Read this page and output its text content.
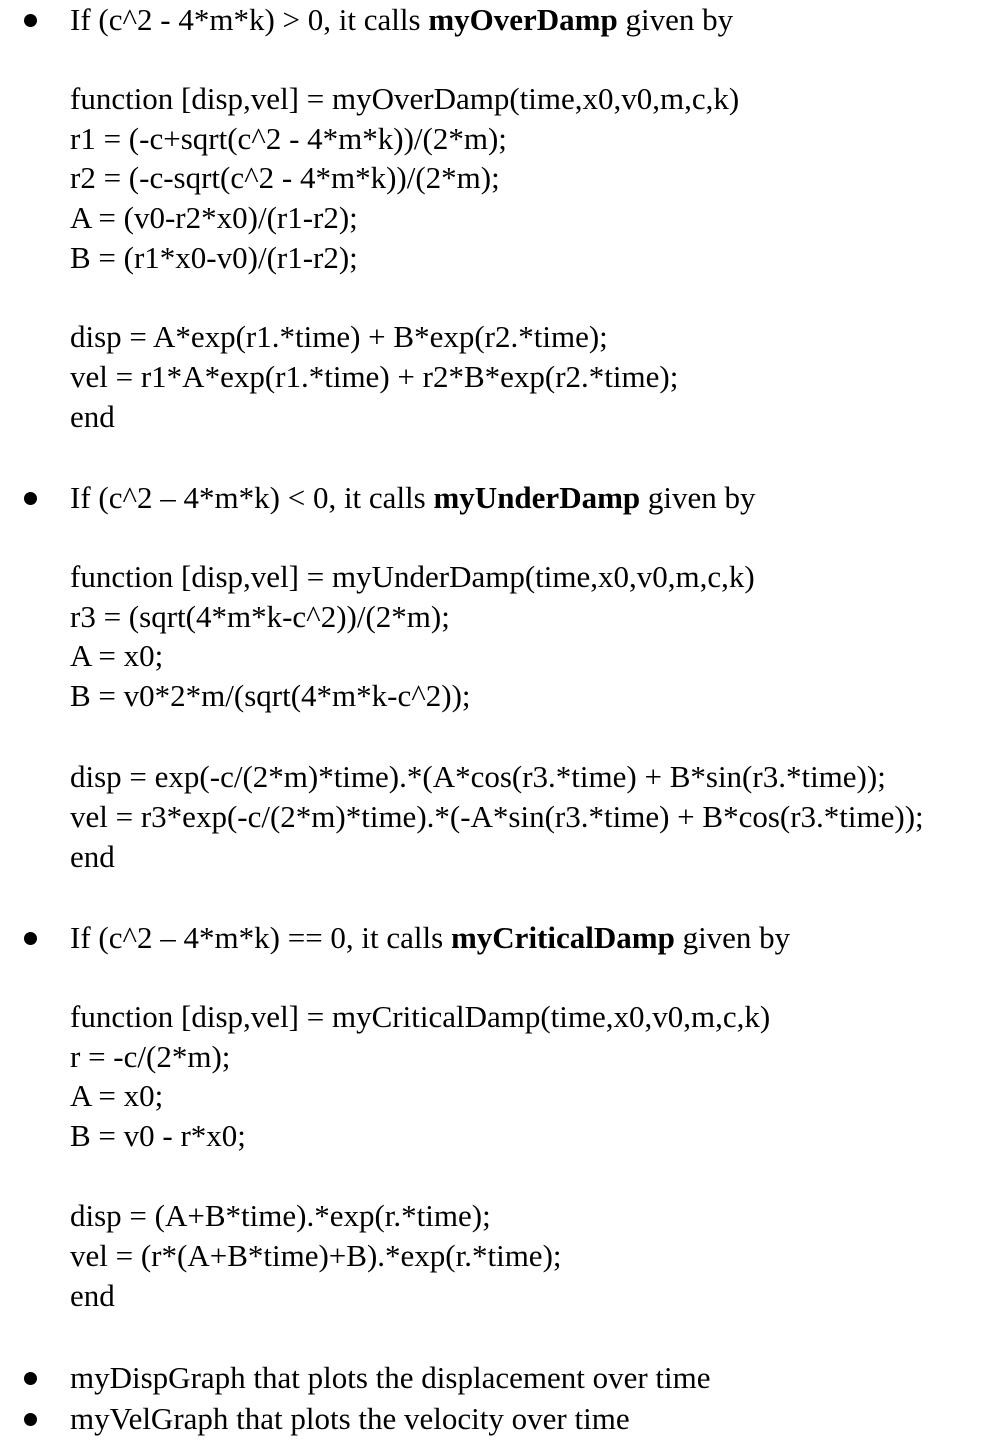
If (c^2 - 4*m*k) > 0, it calls myOverDamp given by
function [disp,vel] = myOverDamp(time,x0,v0,m,c,k)
r1 = (-c+sqrt(c^2 - 4*m*k))/(2*m);
r2 = (-c-sqrt(c^2 - 4*m*k))/(2*m);
A = (v0-r2*x0)/(r1-r2);
B = (r1*x0-v0)/(r1-r2);
disp = A*exp(r1.*time) + B*exp(r2.*time);
vel = r1*A*exp(r1.*time) + r2*B*exp(r2.*time);
end
If (c^2 – 4*m*k) < 0, it calls myUnderDamp given by
function [disp,vel] = myUnderDamp(time,x0,v0,m,c,k)
r3 = (sqrt(4*m*k-c^2))/(2*m);
A = x0;
B = v0*2*m/(sqrt(4*m*k-c^2));
disp = exp(-c/(2*m)*time).*(A*cos(r3.*time) + B*sin(r3.*time));
vel = r3*exp(-c/(2*m)*time).*(-A*sin(r3.*time) + B*cos(r3.*time));
end
If (c^2 – 4*m*k) == 0, it calls myCriticalDamp given by
function [disp,vel] = myCriticalDamp(time,x0,v0,m,c,k)
r = -c/(2*m);
A = x0;
B = v0 - r*x0;
disp = (A+B*time).*exp(r.*time);
vel = (r*(A+B*time)+B).*exp(r.*time);
end
myDispGraph that plots the displacement over time
myVelGraph that plots the velocity over time
